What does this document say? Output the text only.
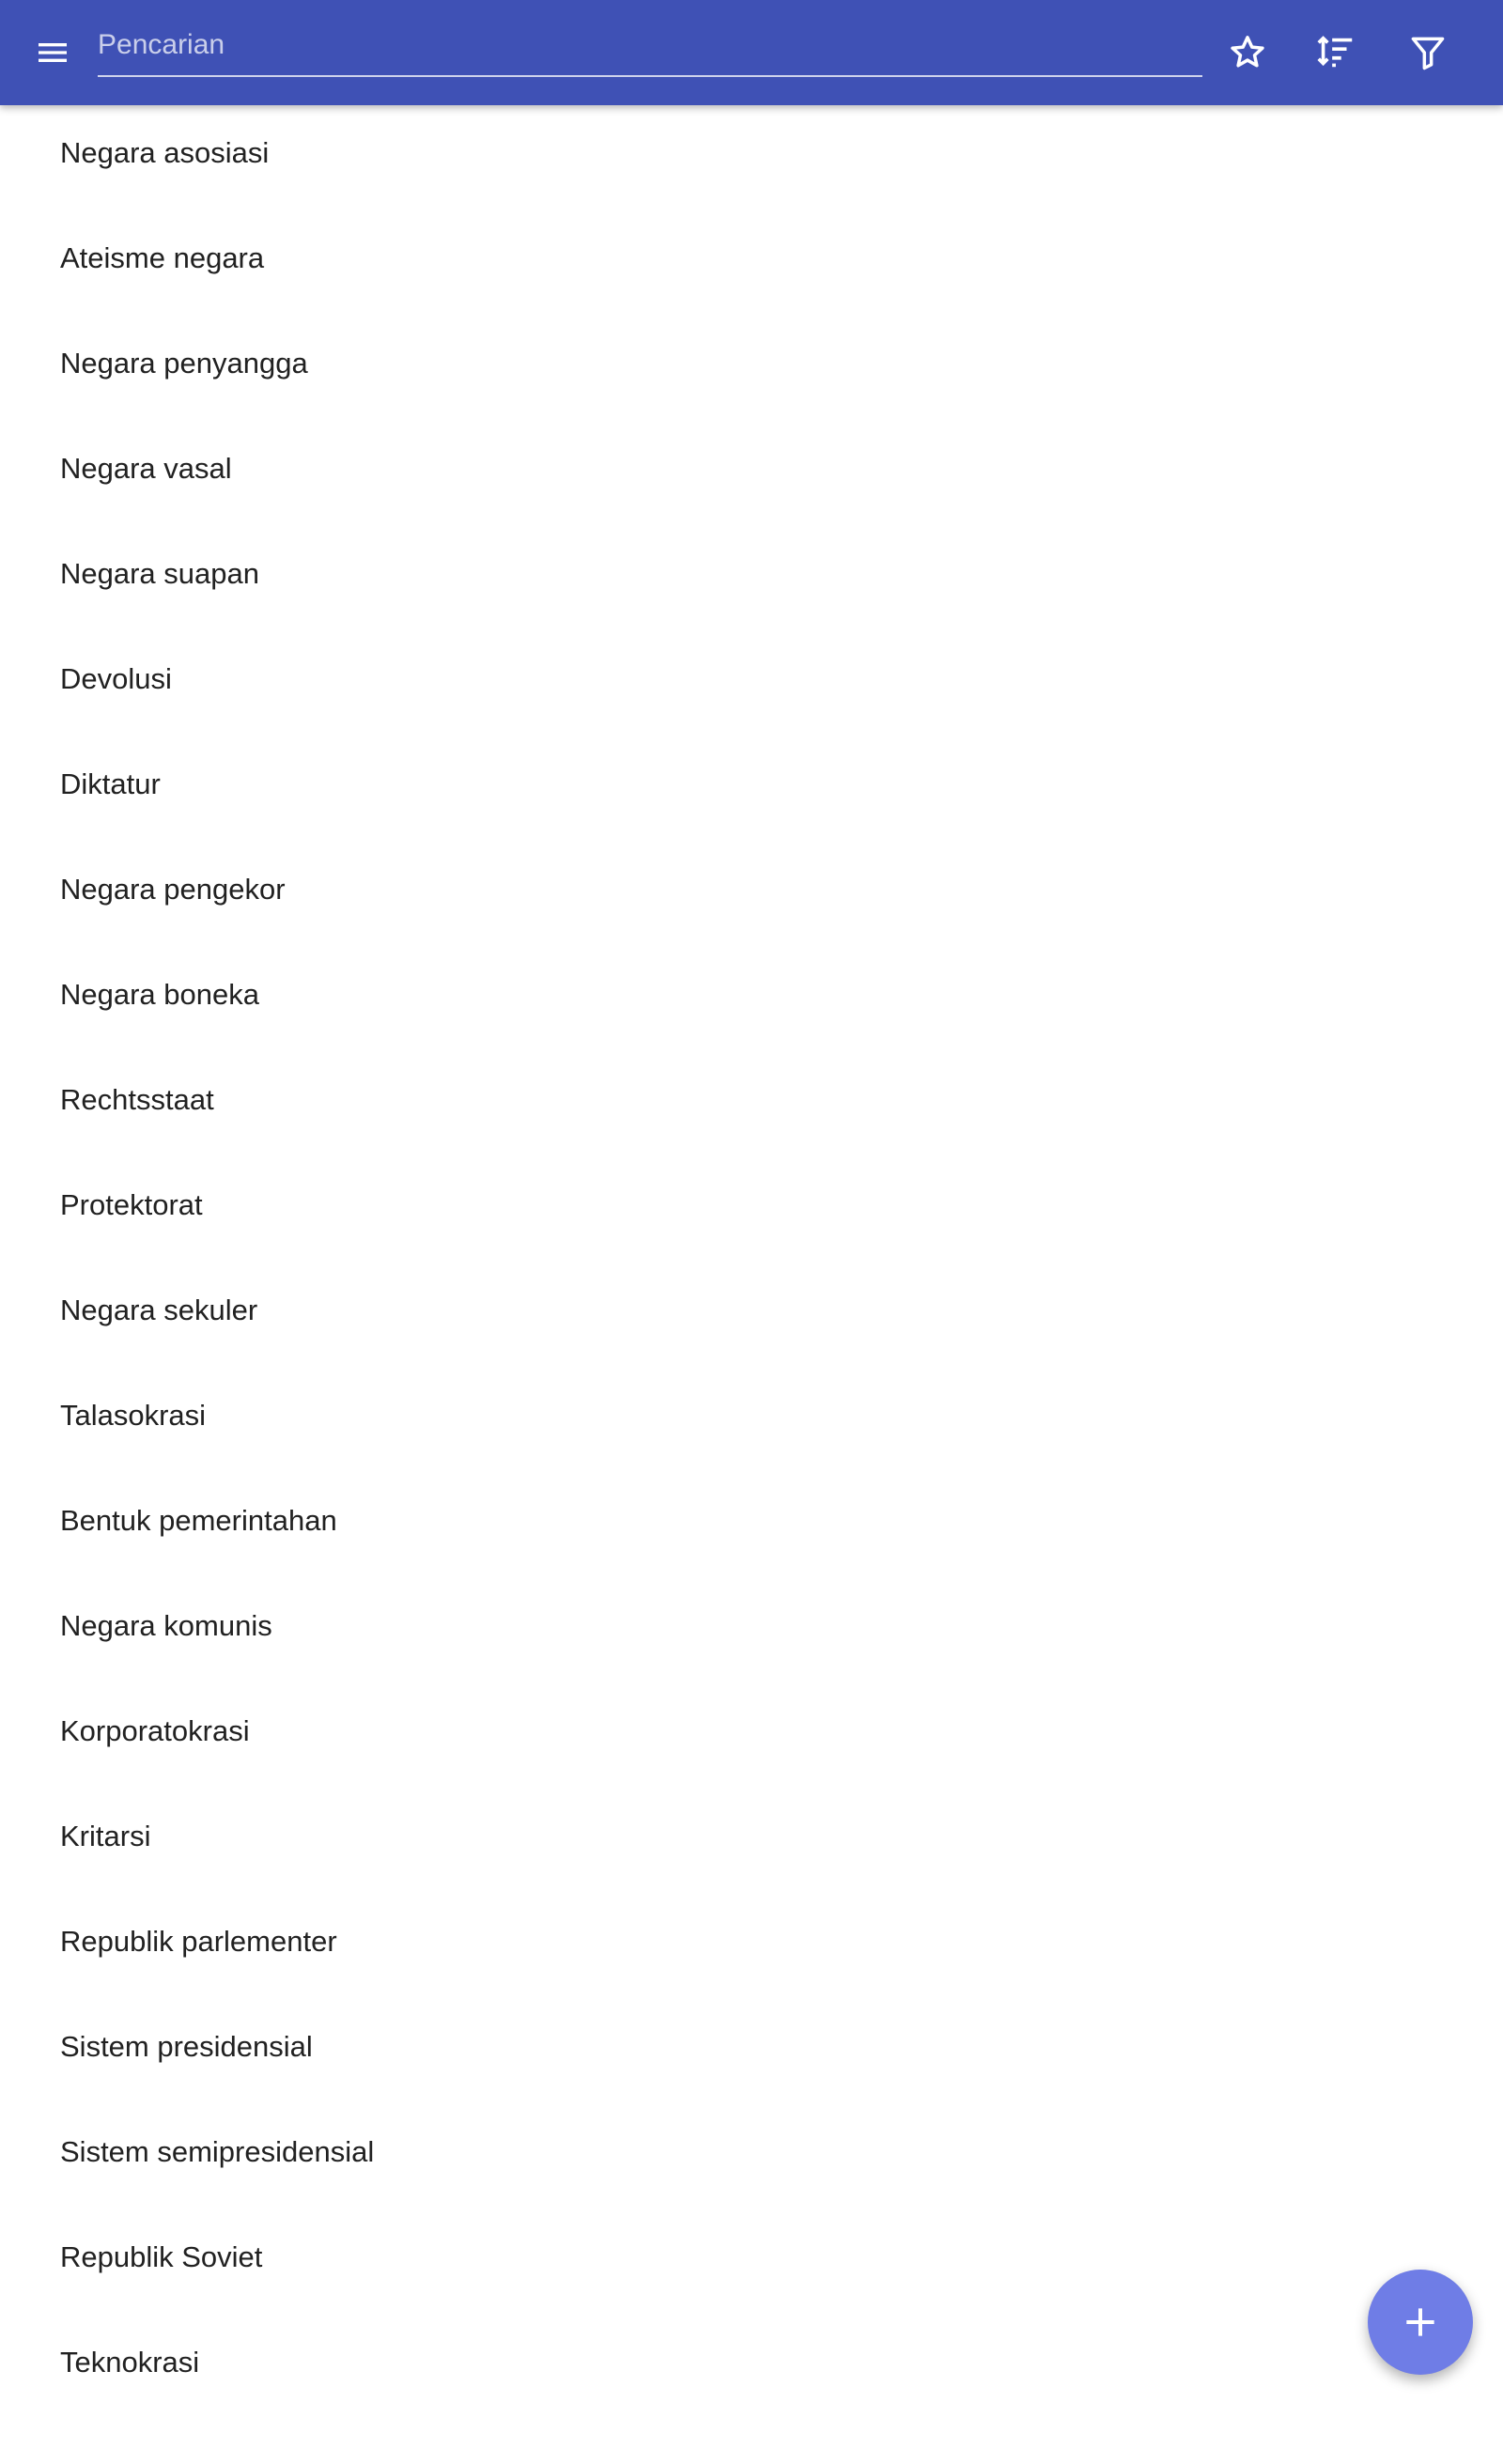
Pencarian
Negara asosiasi
Ateisme negara
Negara penyangga
Negara vasal
Negara suapan
Devolusi
Diktatur
Negara pengekor
Negara boneka
Rechtsstaat
Protektorat
Negara sekuler
Talasokrasi
Bentuk pemerintahan
Negara komunis
Korporatokrasi
Kritarsi
Republik parlementer
Sistem presidensial
Sistem semipresidensial
Republik Soviet
Teknokrasi
